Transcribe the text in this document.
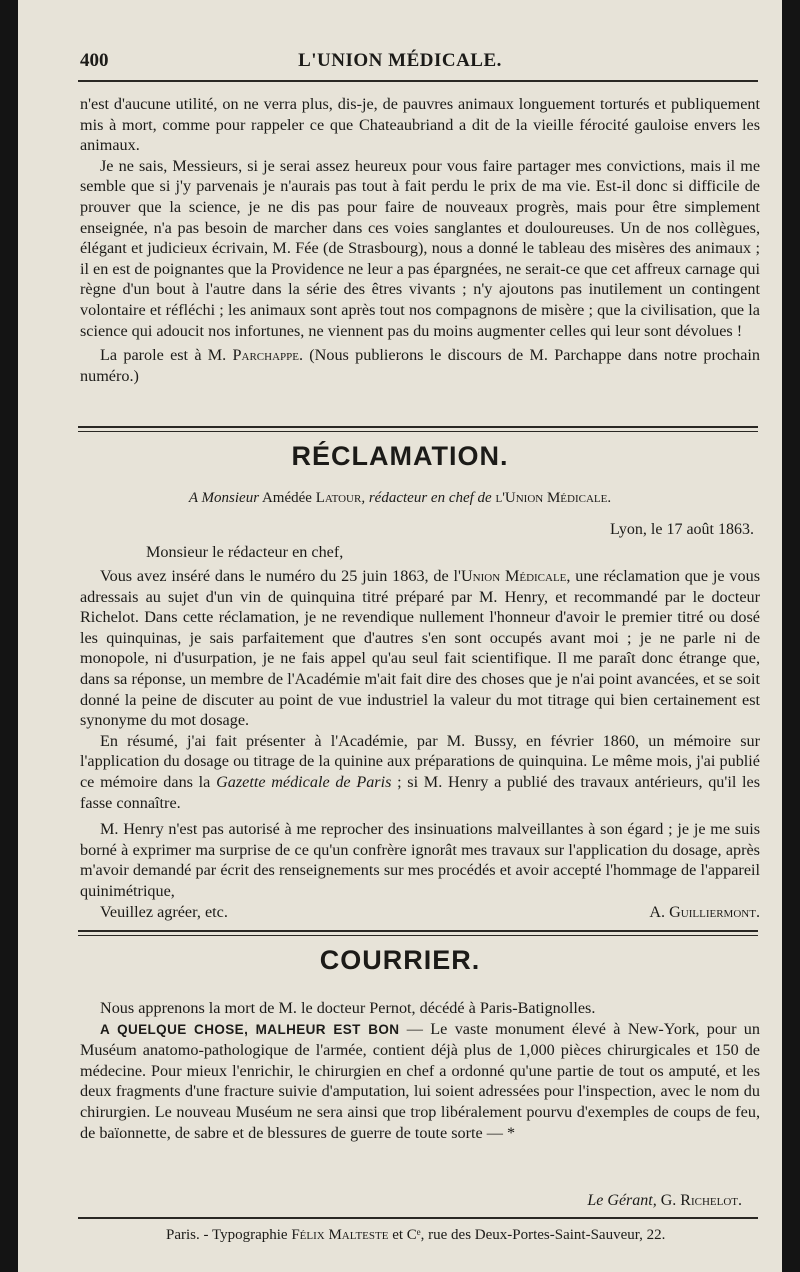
400	L'UNION MÉDICALE.

n'est d'aucune utilité, on ne verra plus, dis-je, de pauvres animaux longuement torturés et publiquement mis à mort, comme pour rappeler ce que Chateaubriand a dit de la vieille férocité gauloise envers les animaux.

Je ne sais, Messieurs, si je serai assez heureux pour vous faire partager mes convictions, mais il me semble que si j'y parvenais je n'aurais pas tout à fait perdu le prix de ma vie. Est-il donc si difficile de prouver que la science, je ne dis pas pour faire de nouveaux progrès, mais pour être simplement enseignée, n'a pas besoin de marcher dans ces voies sanglantes et douloureuses. Un de nos collègues, élégant et judicieux écrivain, M. Fée (de Strasbourg), nous a donné le tableau des misères des animaux ; il en est de poignantes que la Providence ne leur a pas épargnées, ne serait-ce que cet affreux carnage qui règne d'un bout à l'autre dans la série des êtres vivants ; n'y ajoutons pas inutilement un contingent volontaire et réfléchi ; les animaux sont après tout nos compagnons de misère ; que la civilisation, que la science qui adoucit nos infortunes, ne viennent pas du moins augmenter celles qui leur sont dévolues !

La parole est à M. Parchappe. (Nous publierons le discours de M. Parchappe dans notre prochain numéro.)

RÉCLAMATION.
A Monsieur Amédée Latour, rédacteur en chef de l'Union Médicale.
Lyon, le 17 août 1863.
Monsieur le rédacteur en chef,

Vous avez inséré dans le numéro du 25 juin 1863, de l'Union Médicale, une réclamation que je vous adressais au sujet d'un vin de quinquina titré préparé par M. Henry, et recommandé par le docteur Richelot. Dans cette réclamation, je ne revendique nullement l'honneur d'avoir le premier titré ou dosé les quinquinas, je sais parfaitement que d'autres s'en sont occupés avant moi ; je ne parle ni de monopole, ni d'usurpation, je ne fais appel qu'au seul fait scientifique. Il me paraît donc étrange que, dans sa réponse, un membre de l'Académie m'ait fait dire des choses que je n'ai point avancées, et se soit donné la peine de discuter au point de vue industriel la valeur du mot titrage qui bien certainement est synonyme du mot dosage.

En résumé, j'ai fait présenter à l'Académie, par M. Bussy, en février 1860, un mémoire sur l'application du dosage ou titrage de la quinine aux préparations de quinquina. Le même mois, j'ai publié ce mémoire dans la Gazette médicale de Paris ; si M. Henry a publié des travaux antérieurs, qu'il les fasse connaître.

M. Henry n'est pas autorisé à me reprocher des insinuations malveillantes à son égard ; je je me suis borné à exprimer ma surprise de ce qu'un confrère ignorât mes travaux sur l'application du dosage, après m'avoir demandé par écrit des renseignements sur mes procédés et avoir accepté l'hommage de l'appareil quinimétrique,

Veuillez agréer, etc.	A. Guilliermont.
COURRIER.

Nous apprenons la mort de M. le docteur Pernot, décédé à Paris-Batignolles.

A QUELQUE CHOSE, MALHEUR EST BON — Le vaste monument élevé à New-York, pour un Muséum anatomo-pathologique de l'armée, contient déjà plus de 1,000 pièces chirurgicales et 150 de médecine. Pour mieux l'enrichir, le chirurgien en chef a ordonné qu'une partie de tout os amputé, et les deux fragments d'une fracture suivie d'amputation, lui soient adressées pour l'inspection, avec le nom du chirurgien. Le nouveau Muséum ne sera ainsi que trop libéralement pourvu d'exemples de coups de feu, de baïonnette, de sabre et de blessures de guerre de toute sorte — *

Le Gérant, G. Richelot.
Paris. - Typographie Félix Malteste et Cᵉ, rue des Deux-Portes-Saint-Sauveur, 22.
